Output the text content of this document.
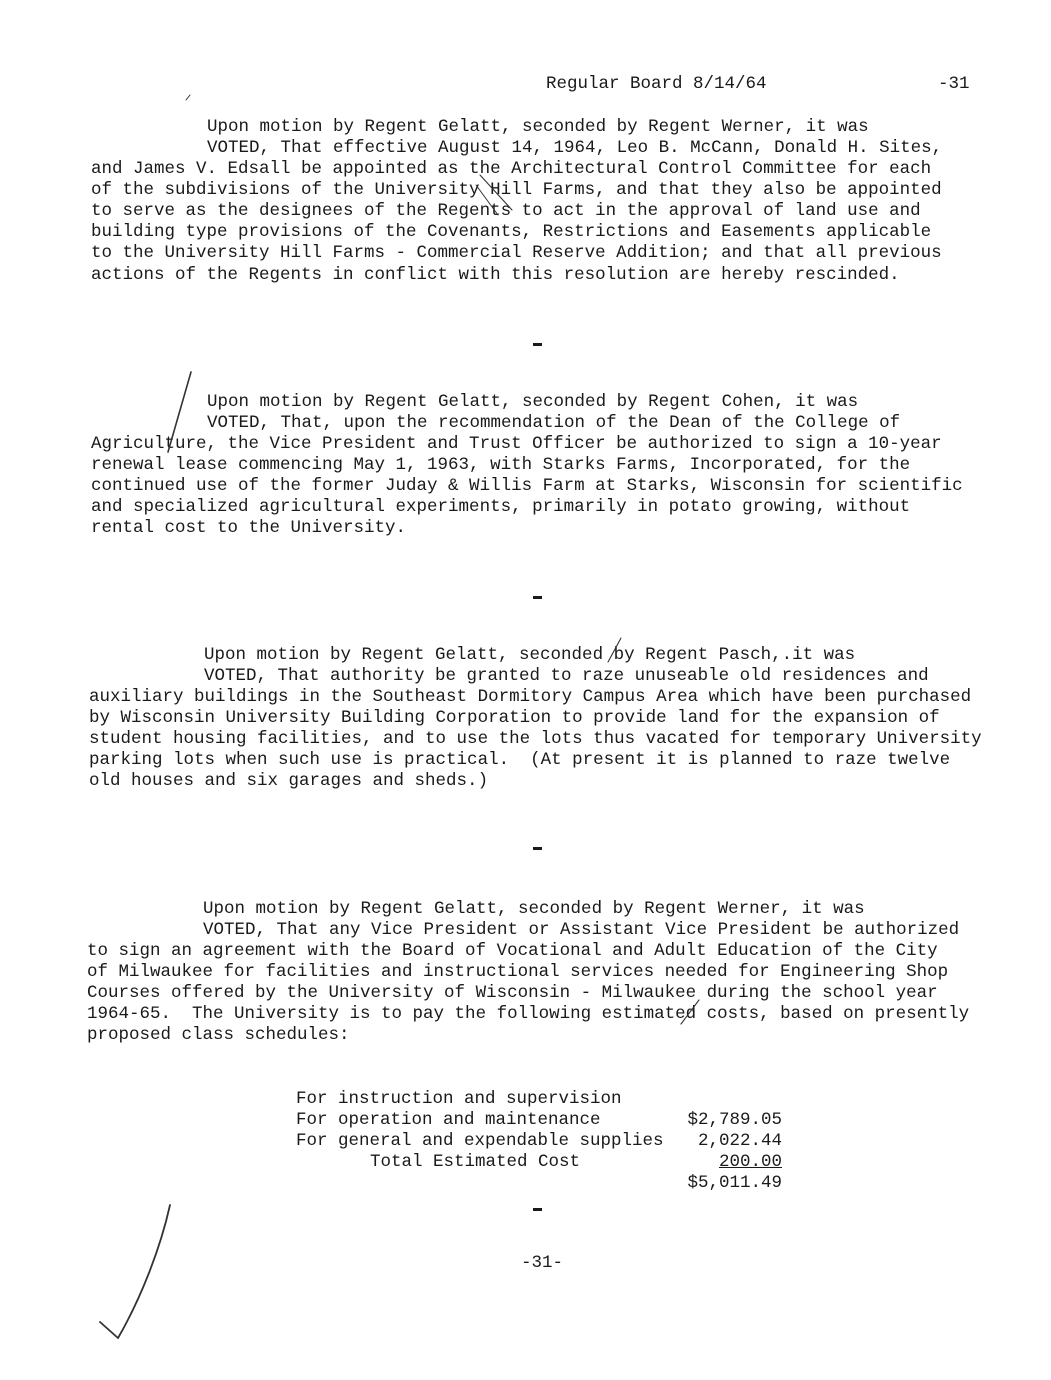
Regular Board 8/14/64	-31
Upon motion by Regent Gelatt, seconded by Regent Werner, it was
VOTED, That effective August 14, 1964, Leo B. McCann, Donald H. Sites,
and James V. Edsall be appointed as the Architectural Control Committee for each
of the subdivisions of the University Hill Farms, and that they also be appointed
to serve as the designees of the Regents to act in the approval of land use and
building type provisions of the Covenants, Restrictions and Easements applicable
to the University Hill Farms - Commercial Reserve Addition; and that all previous
actions of the Regents in conflict with this resolution are hereby rescinded.
Upon motion by Regent Gelatt, seconded by Regent Cohen, it was
VOTED, That, upon the recommendation of the Dean of the College of
Agriculture, the Vice President and Trust Officer be authorized to sign a 10-year
renewal lease commencing May 1, 1963, with Starks Farms, Incorporated, for the
continued use of the former Juday & Willis Farm at Starks, Wisconsin for scientific
and specialized agricultural experiments, primarily in potato growing, without
rental cost to the University.
Upon motion by Regent Gelatt, seconded by Regent Pasch,.it was
VOTED, That authority be granted to raze unuseable old residences and
auxiliary buildings in the Southeast Dormitory Campus Area which have been purchased
by Wisconsin University Building Corporation to provide land for the expansion of
student housing facilities, and to use the lots thus vacated for temporary University
parking lots when such use is practical.  (At present it is planned to raze twelve
old houses and six garages and sheds.)
Upon motion by Regent Gelatt, seconded by Regent Werner, it was
VOTED, That any Vice President or Assistant Vice President be authorized
to sign an agreement with the Board of Vocational and Adult Education of the City
of Milwaukee for facilities and instructional services needed for Engineering Shop
Courses offered by the University of Wisconsin - Milwaukee during the school year
1964-65.  The University is to pay the following estimated costs, based on presently
proposed class schedules:

For instruction and supervision

$2,789.05

For operation and maintenance

2,022.44

For general and expendable supplies

200.00

Total Estimated Cost

$5,011.49

-31-
